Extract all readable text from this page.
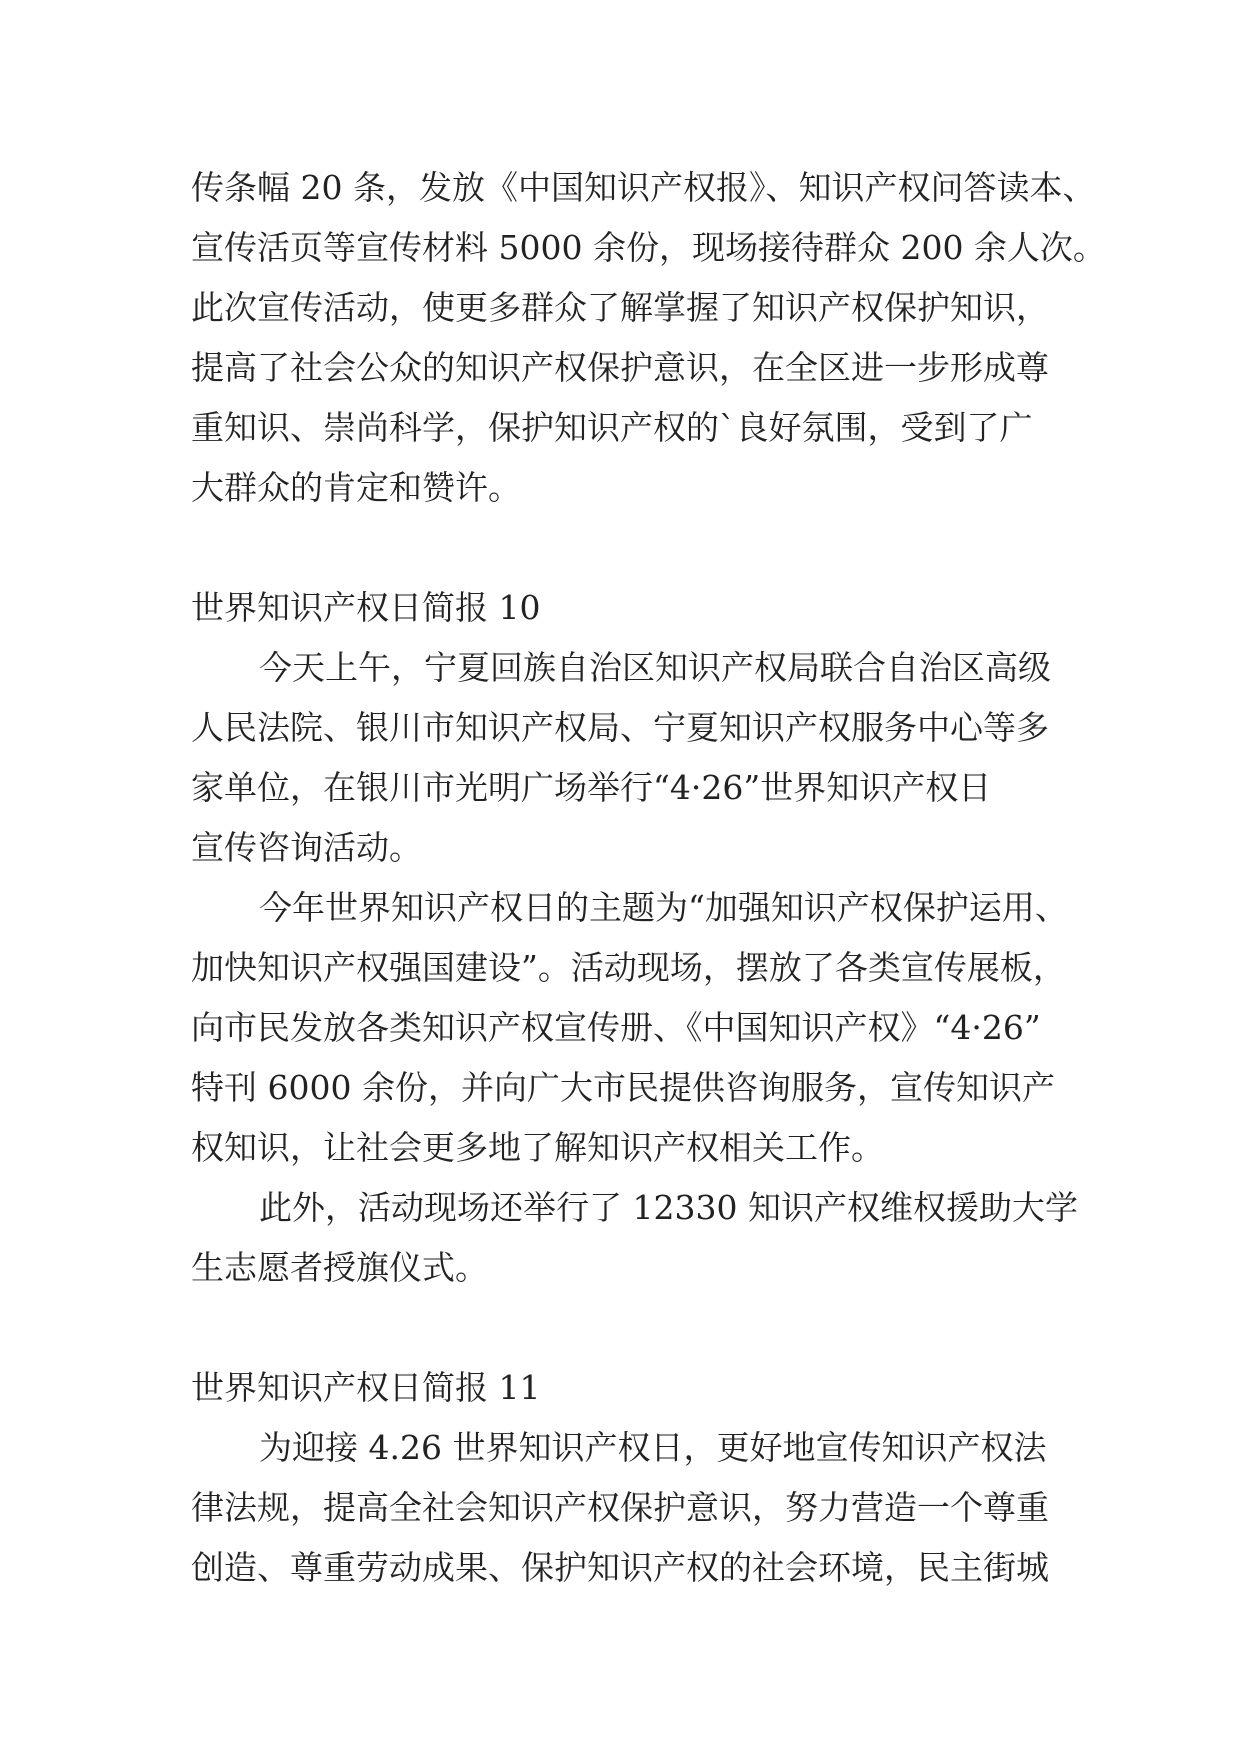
传条幅 20 条，发放《中国知识产权报》、知识产权问答读本、
宣传活页等宣传材料 5000 余份，现场接待群众 200 余人次。
此次宣传活动，使更多群众了解掌握了知识产权保护知识，
提高了社会公众的知识产权保护意识，在全区进一步形成尊
重知识、崇尚科学，保护知识产权的`良好氛围，受到了广
大群众的肯定和赞许。
世界知识产权日简报 10
今天上午，宁夏回族自治区知识产权局联合自治区高级
人民法院、银川市知识产权局、宁夏知识产权服务中心等多
家单位，在银川市光明广场举行“4·26”世界知识产权日
宣传咨询活动。
今年世界知识产权日的主题为“加强知识产权保护运用、
加快知识产权强国建设”。活动现场，摆放了各类宣传展板，
向市民发放各类知识产权宣传册、《中国知识产权》“4·26”
特刊 6000 余份，并向广大市民提供咨询服务，宣传知识产
权知识，让社会更多地了解知识产权相关工作。
此外，活动现场还举行了 12330 知识产权维权援助大学
生志愿者授旗仪式。
世界知识产权日简报 11
为迎接 4.26 世界知识产权日，更好地宣传知识产权法
律法规，提高全社会知识产权保护意识，努力营造一个尊重
创造、尊重劳动成果、保护知识产权的社会环境，民主街城
